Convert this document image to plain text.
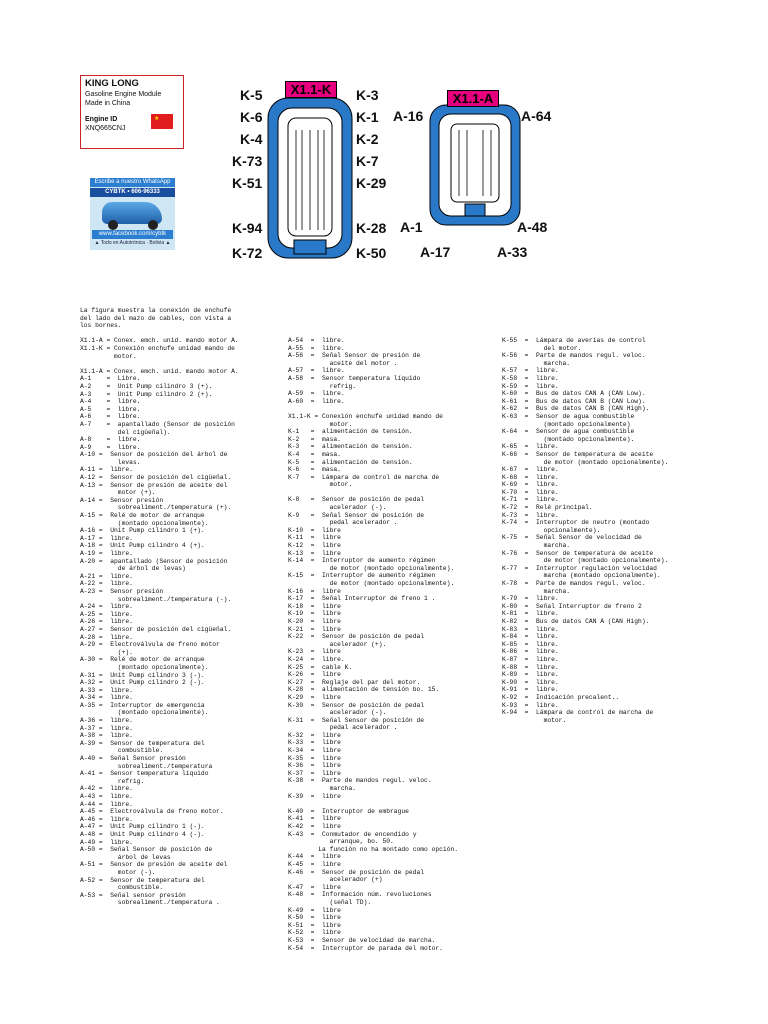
KING LONG
Gasoline Engine Module
Made in China
Engine ID
XNQ665CNJ
★
Escribe a nuestro WhatsApp
CYBTK • 606-96333
www.facebook.com/cybtk
▲ Todo en Autotrónica · Bolivia ▲
X1.1-K
K-5
K-6
K-4
K-73
K-51
K-94
K-72
K-3
K-1
K-2
K-7
K-29
K-28
K-50
X1.1-A
A-16	A-64
A-1	A-48
A-17	A-33
La figura muestra la conexión de enchufe
del lado del mazo de cables, con vista a
los bornes.
X1.1-A = Conex. emch. unid. mando motor A.
X1.1-K = Conexión enchufe unidad mando de
motor.
X1.1-A = Conex. emch. unid. mando motor A.
A-1    =  Libre.
A-2    =  Unit Pump cilindro 3 (+).
A-3    =  Unit Pump cilindro 2 (+).
A-4    =  libre.
A-5    =  libre.
A-6    =  libre.
A-7    =  apantallado (Sensor de posición
del cigüeñal).
A-8    =  libre.
A-9    =  libre.
A-10 =  Sensor de posición del árbol de
levas.
A-11 =  libre.
A-12 =  Sensor de posición del cigüeñal.
A-13 =  Sensor de presión de aceite del
motor (+).
A-14 =  Sensor presión
sobrealiment./temperatura (+).
A-15 =  Relé de motor de arranque
(montado opcionalmente).
A-16 =  Unit Pump cilindro 1 (+).
A-17 =  libre.
A-18 =  Unit Pump cilindro 4 (+).
A-19 =  libre.
A-20 =  apantallado (Sensor de posición
de árbol de levas)
A-21 =  libre.
A-22 =  libre.
A-23 =  Sensor presión
sobrealiment./temperatura (-).
A-24 =  libre.
A-25 =  libre.
A-26 =  libre.
A-27 =  Sensor de posición del cigüeñal.
A-28 =  libre.
A-29 =  Electroválvula de freno motor
(+).
A-30 =  Relé de motor de arranque
(montado opcionalmente).
A-31 =  Unit Pump cilindro 3 (-).
A-32 =  Unit Pump cilindro 2 (-).
A-33 =  libre.
A-34 =  libre.
A-35 =  Interruptor de emergencia
(montado opcionalmente).
A-36 =  libre.
A-37 =  libre.
A-38 =  libre.
A-39 =  Sensor de temperatura del
combustible.
A-40 =  Señal Sensor presión
sobrealiment./temperatura
A-41 =  Sensor temperatura líquido
refrig.
A-42 =  libre.
A-43 =  libre.
A-44 =  libre.
A-45 =  Electroválvula de freno motor.
A-46 =  libre.
A-47 =  Unit Pump cilindro 1 (-).
A-48 =  Unit Pump cilindro 4 (-).
A-49 =  libre.
A-50 =  Señal Sensor de posición de
árbol de levas
A-51 =  Sensor de presión de aceite del
motor (-).
A-52 =  Sensor de temperatura del
combustible.
A-53 =  Señal sensor presión
sobrealiment./temperatura .
A-54  =  libre.
A-55  =  libre.
A-56  =  Señal Sensor de presión de
aceite del motor .
A-57  =  libre.
A-58  =  Sensor temperatura líquido
refrig.
A-59  =  libre.
A-60  =  libre.
X1.1-K = Conexión enchufe unidad mando de
motor.
K-1   =  alimentación de tensión.
K-2   =  masa.
K-3   =  alimentación de tensión.
K-4   =  masa.
K-5   =  alimentación de tensión.
K-6   =  masa.
K-7   =  Lámpara de control de marcha de
motor.
K-8   =  Sensor de posición de pedal
acelerador (-).
K-9   =  Señal Sensor de posición de
pedal acelerador .
K-10  =  libre
K-11  =  libre
K-12  =  libre
K-13  =  libre
K-14  =  Interruptor de aumento régimen
de motor (montado opcionalmente).
K-15  =  Interruptor de aumento régimen
de motor (montado opcionalmente).
K-16  =  libre
K-17  =  Señal Interruptor de freno 1 .
K-18  =  libre
K-19  =  libre
K-20  =  libre
K-21  =  libre
K-22  =  Sensor de posición de pedal
acelerador (+).
K-23  =  libre
K-24  =  libre.
K-25  =  cable K.
K-26  =  libre
K-27  =  Reglaje del par del motor.
K-28  =  alimentación de tensión bo. 15.
K-29  =  libre
K-30  =  Sensor de posición de pedal
acelerador (-).
K-31  =  Señal Sensor de posición de
pedal acelerador .
K-32  =  libre
K-33  =  libre
K-34  =  libre
K-35  =  libre
K-36  =  libre
K-37  =  libre
K-38  =  Parte de mandos regul. veloc.
marcha.
K-39  =  libre
K-40  =  Interruptor de embrague
K-41  =  libre
K-42  =  libre
K-43  =  Conmutador de encendido y
arranque, bo. 50.
La función no ha montado como opción.
K-44  =  libre
K-45  =  libre
K-46  =  Sensor de posición de pedal
acelerador (+)
K-47  =  libre
K-48  =  Información núm. revoluciones
(señal TD).
K-49  =  libre
K-50  =  libre
K-51  =  libre
K-52  =  libre
K-53  =  Sensor de velocidad de marcha.
K-54  =  Interruptor de parada del motor.
K-55  =  Lámpara de averías de control
del motor.
K-56  =  Parte de mandos regul. veloc.
marcha.
K-57  =  libre.
K-58  =  libre.
K-59  =  libre.
K-60  =  Bus de datos CAN A (CAN Low).
K-61  =  Bus de datos CAN B (CAN Low).
K-62  =  Bus de datos CAN B (CAN High).
K-63  =  Sensor de agua combustible
(montado opcionalmente)
K-64  =  Sensor de agua combustible
(montado opcionalmente).
K-65  =  libre.
K-66  =  Sensor de temperatura de aceite
de motor (montado opcionalmente).
K-67  =  libre.
K-68  =  libre.
K-69  =  libre.
K-70  =  libre.
K-71  =  libre.
K-72  =  Relé principal.
K-73  =  libre.
K-74  =  Interruptor de neutro (montado
opcionalmente).
K-75  =  Señal Sensor de velocidad de
marcha.
K-76  =  Sensor de temperatura de aceite
de motor (montado opcionalmente).
K-77  =  Interruptor regulación velocidad
marcha (montado opcionalmente).
K-78  =  Parte de mandos regul. veloc.
marcha.
K-79  =  libre.
K-80  =  Señal Interruptor de freno 2
K-81  =  libre.
K-82  =  Bus de datos CAN A (CAN High).
K-83  =  libre.
K-84  =  libre.
K-85  =  libre.
K-86  =  libre.
K-87  =  libre.
K-88  =  libre.
K-89  =  libre.
K-90  =  libre.
K-91  =  libre.
K-92  =  Indicación precalent..
K-93  =  libre.
K-94  =  Lámpara de control de marcha de
motor.
